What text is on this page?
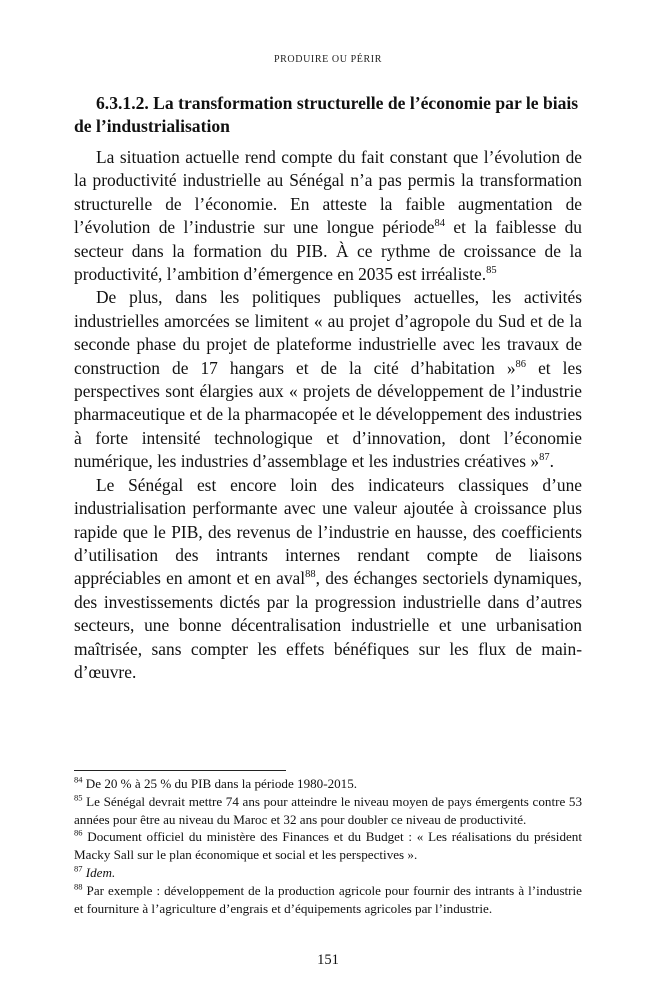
PRODUIRE OU PÉRIR
6.3.1.2. La transformation structurelle de l’économie par le biais de l’industrialisation

La situation actuelle rend compte du fait constant que l’évolution de la productivité industrielle au Sénégal n’a pas permis la transformation structurelle de l’économie. En atteste la faible augmentation de l’évolution de l’industrie sur une longue période$^{84}$ et la faiblesse du secteur dans la formation du PIB. À ce rythme de croissance de la productivité, l’ambition d’émergence en 2035 est irréaliste.$^{85}$

De plus, dans les politiques publiques actuelles, les activités industrielles amorcées se limitent « au projet d’agropole du Sud et de la seconde phase du projet de plateforme industrielle avec les travaux de construction de 17 hangars et de la cité d’habitation »$^{86}$ et les perspectives sont élargies aux « projets de développement de l’industrie pharmaceutique et de la pharmacopée et le développement des industries à forte intensité technologique et d’innovation, dont l’économie numérique, les industries d’assemblage et les industries créatives »$^{87}$.

Le Sénégal est encore loin des indicateurs classiques d’une industrialisation performante avec une valeur ajoutée à croissance plus rapide que le PIB, des revenus de l’industrie en hausse, des coefficients d’utilisation des intrants internes rendant compte de liaisons appréciables en amont et en aval$^{88}$, des échanges sectoriels dynamiques, des investissements dictés par la progression industrielle dans d’autres secteurs, une bonne décentralisation industrielle et une urbanisation maîtrisée, sans compter les effets bénéfiques sur les flux de main-d’œuvre.

$^{84}$ De 20 % à 25 % du PIB dans la période 1980-2015.

$^{85}$ Le Sénégal devrait mettre 74 ans pour atteindre le niveau moyen de pays émergents contre 53 années pour être au niveau du Maroc et 32 ans pour doubler ce niveau de productivité.

$^{86}$ Document officiel du ministère des Finances et du Budget : « Les réalisations du président Macky Sall sur le plan économique et social et les perspectives ».

$^{87}$ Idem.

$^{88}$ Par exemple : développement de la production agricole pour fournir des intrants à l’industrie et fourniture à l’agriculture d’engrais et d’équipements agricoles par l’industrie.

151
